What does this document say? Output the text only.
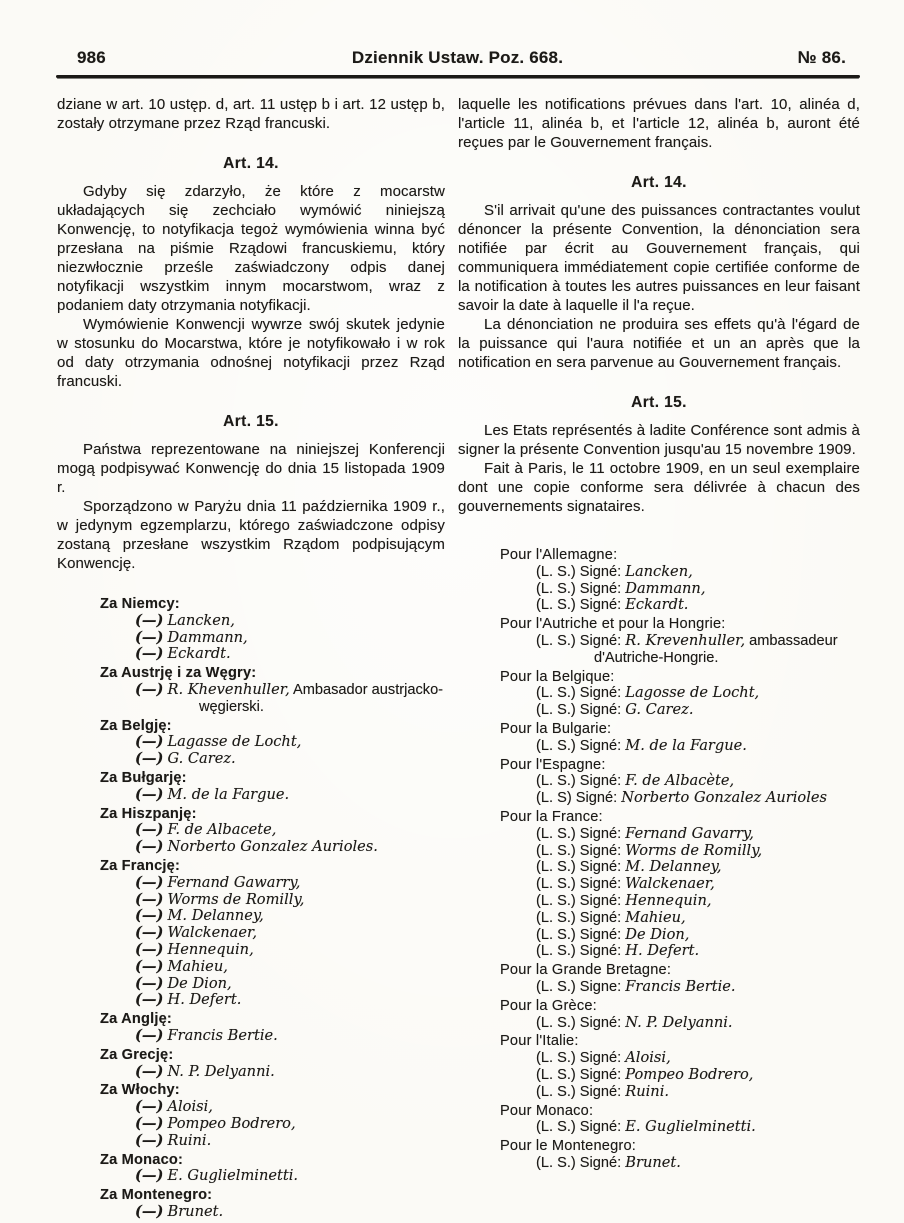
986	Dziennik Ustaw. Poz. 668.	№ 86.

dziane w art. 10 ustęp. d, art. 11 ustęp b i art. 12 ustęp b, zostały otrzymane przez Rząd francuski.

Art. 14.

Gdyby się zdarzyło, że które z mocarstw układających się zechciało wymówić niniejszą Konwencję, to notyfikacja tegoż wymówienia winna być przesłana na piśmie Rządowi francuskiemu, który niezwłocznie prześle zaświadczony odpis danej notyfikacji wszystkim innym mocarstwom, wraz z podaniem daty otrzymania notyfikacji.

Wymówienie Konwencji wywrze swój skutek jedynie w stosunku do Mocarstwa, które je notyfikowało i w rok od daty otrzymania odnośnej notyfikacji przez Rząd francuski.

Art. 15.

Państwa reprezentowane na niniejszej Konferencji mogą podpisywać Konwencję do dnia 15 listopada 1909 r.

Sporządzono w Paryżu dnia 11 października 1909 r., w jedynym egzemplarzu, którego zaświadczone odpisy zostaną przesłane wszystkim Rządom podpisującym Konwencję.

Za Niemcy:
(—) Lancken,
(—) Dammann,
(—) Eckardt.
Za Austrję i za Węgry:
(—) R. Khevenhuller, Ambasador austrjacko-węgierski.
Za Belgję:
(—) Lagasse de Locht,
(—) G. Carez.
Za Bułgarję:
(—) M. de la Fargue.
Za Hiszpanję:
(—) F. de Albacete,
(—) Norberto Gonzalez Aurioles.
Za Francję:
(—) Fernand Gawarry,
(—) Worms de Romilly,
(—) M. Delanney,
(—) Walckenaer,
(—) Hennequin,
(—) Mahieu,
(—) De Dion,
(—) H. Defert.
Za Anglję:
(—) Francis Bertie.
Za Grecję:
(—) N. P. Delyanni.
Za Włochy:
(—) Aloisi,
(—) Pompeo Bodrero,
(—) Ruini.
Za Monaco:
(—) E. Guglielminetti.
Za Montenegro:
(—) Brunet.

laquelle les notifications prévues dans l'art. 10, alinéa d, l'article 11, alinéa b, et l'article 12, alinéa b, auront été reçues par le Gouvernement français.

Art. 14.

S'il arrivait qu'une des puissances contractantes voulut dénoncer la présente Convention, la dénonciation sera notifiée par écrit au Gouvernement français, qui communiquera immédiatement copie certifiée conforme de la notification à toutes les autres puissances en leur faisant savoir la date à laquelle il l'a reçue.

La dénonciation ne produira ses effets qu'à l'égard de la puissance qui l'aura notifiée et un an après que la notification en sera parvenue au Gouvernement français.

Art. 15.

Les Etats représentés à ladite Conférence sont admis à signer la présente Convention jusqu'au 15 novembre 1909.

Fait à Paris, le 11 octobre 1909, en un seul exemplaire dont une copie conforme sera délivrée à chacun des gouvernements signataires.

Pour l'Allemagne:
(L. S.) Signé: Lancken,
(L. S.) Signé: Dammann,
(L. S.) Signé: Eckardt.
Pour l'Autriche et pour la Hongrie:
(L. S.) Signé: R. Krevenhuller, ambassadeur d'Autriche-Hongrie.
Pour la Belgique:
(L. S.) Signé: Lagosse de Locht,
(L. S.) Signé: G. Carez.
Pour la Bulgarie:
(L. S.) Signé: M. de la Fargue.
Pour l'Espagne:
(L. S.) Signé: F. de Albacète,
(L. S) Signé: Norberto Gonzalez Aurioles
Pour la France:
(L. S.) Signé: Fernand Gavarry,
(L. S.) Signé: Worms de Romilly,
(L. S.) Signé: M. Delanney,
(L. S.) Signé: Walckenaer,
(L. S.) Signé: Hennequin,
(L. S.) Signé: Mahieu,
(L. S.) Signé: De Dion,
(L. S.) Signé: H. Defert.
Pour la Grande Bretagne:
(L. S.) Signe: Francis Bertie.
Pour la Grèce:
(L. S.) Signé: N. P. Delyanni.
Pour l'Italie:
(L. S.) Signé: Aloisi,
(L. S.) Signé: Pompeo Bodrero,
(L. S.) Signé: Ruini.
Pour Monaco:
(L. S.) Signé: E. Guglielminetti.
Pour le Montenegro:
(L. S.) Signé: Brunet.
